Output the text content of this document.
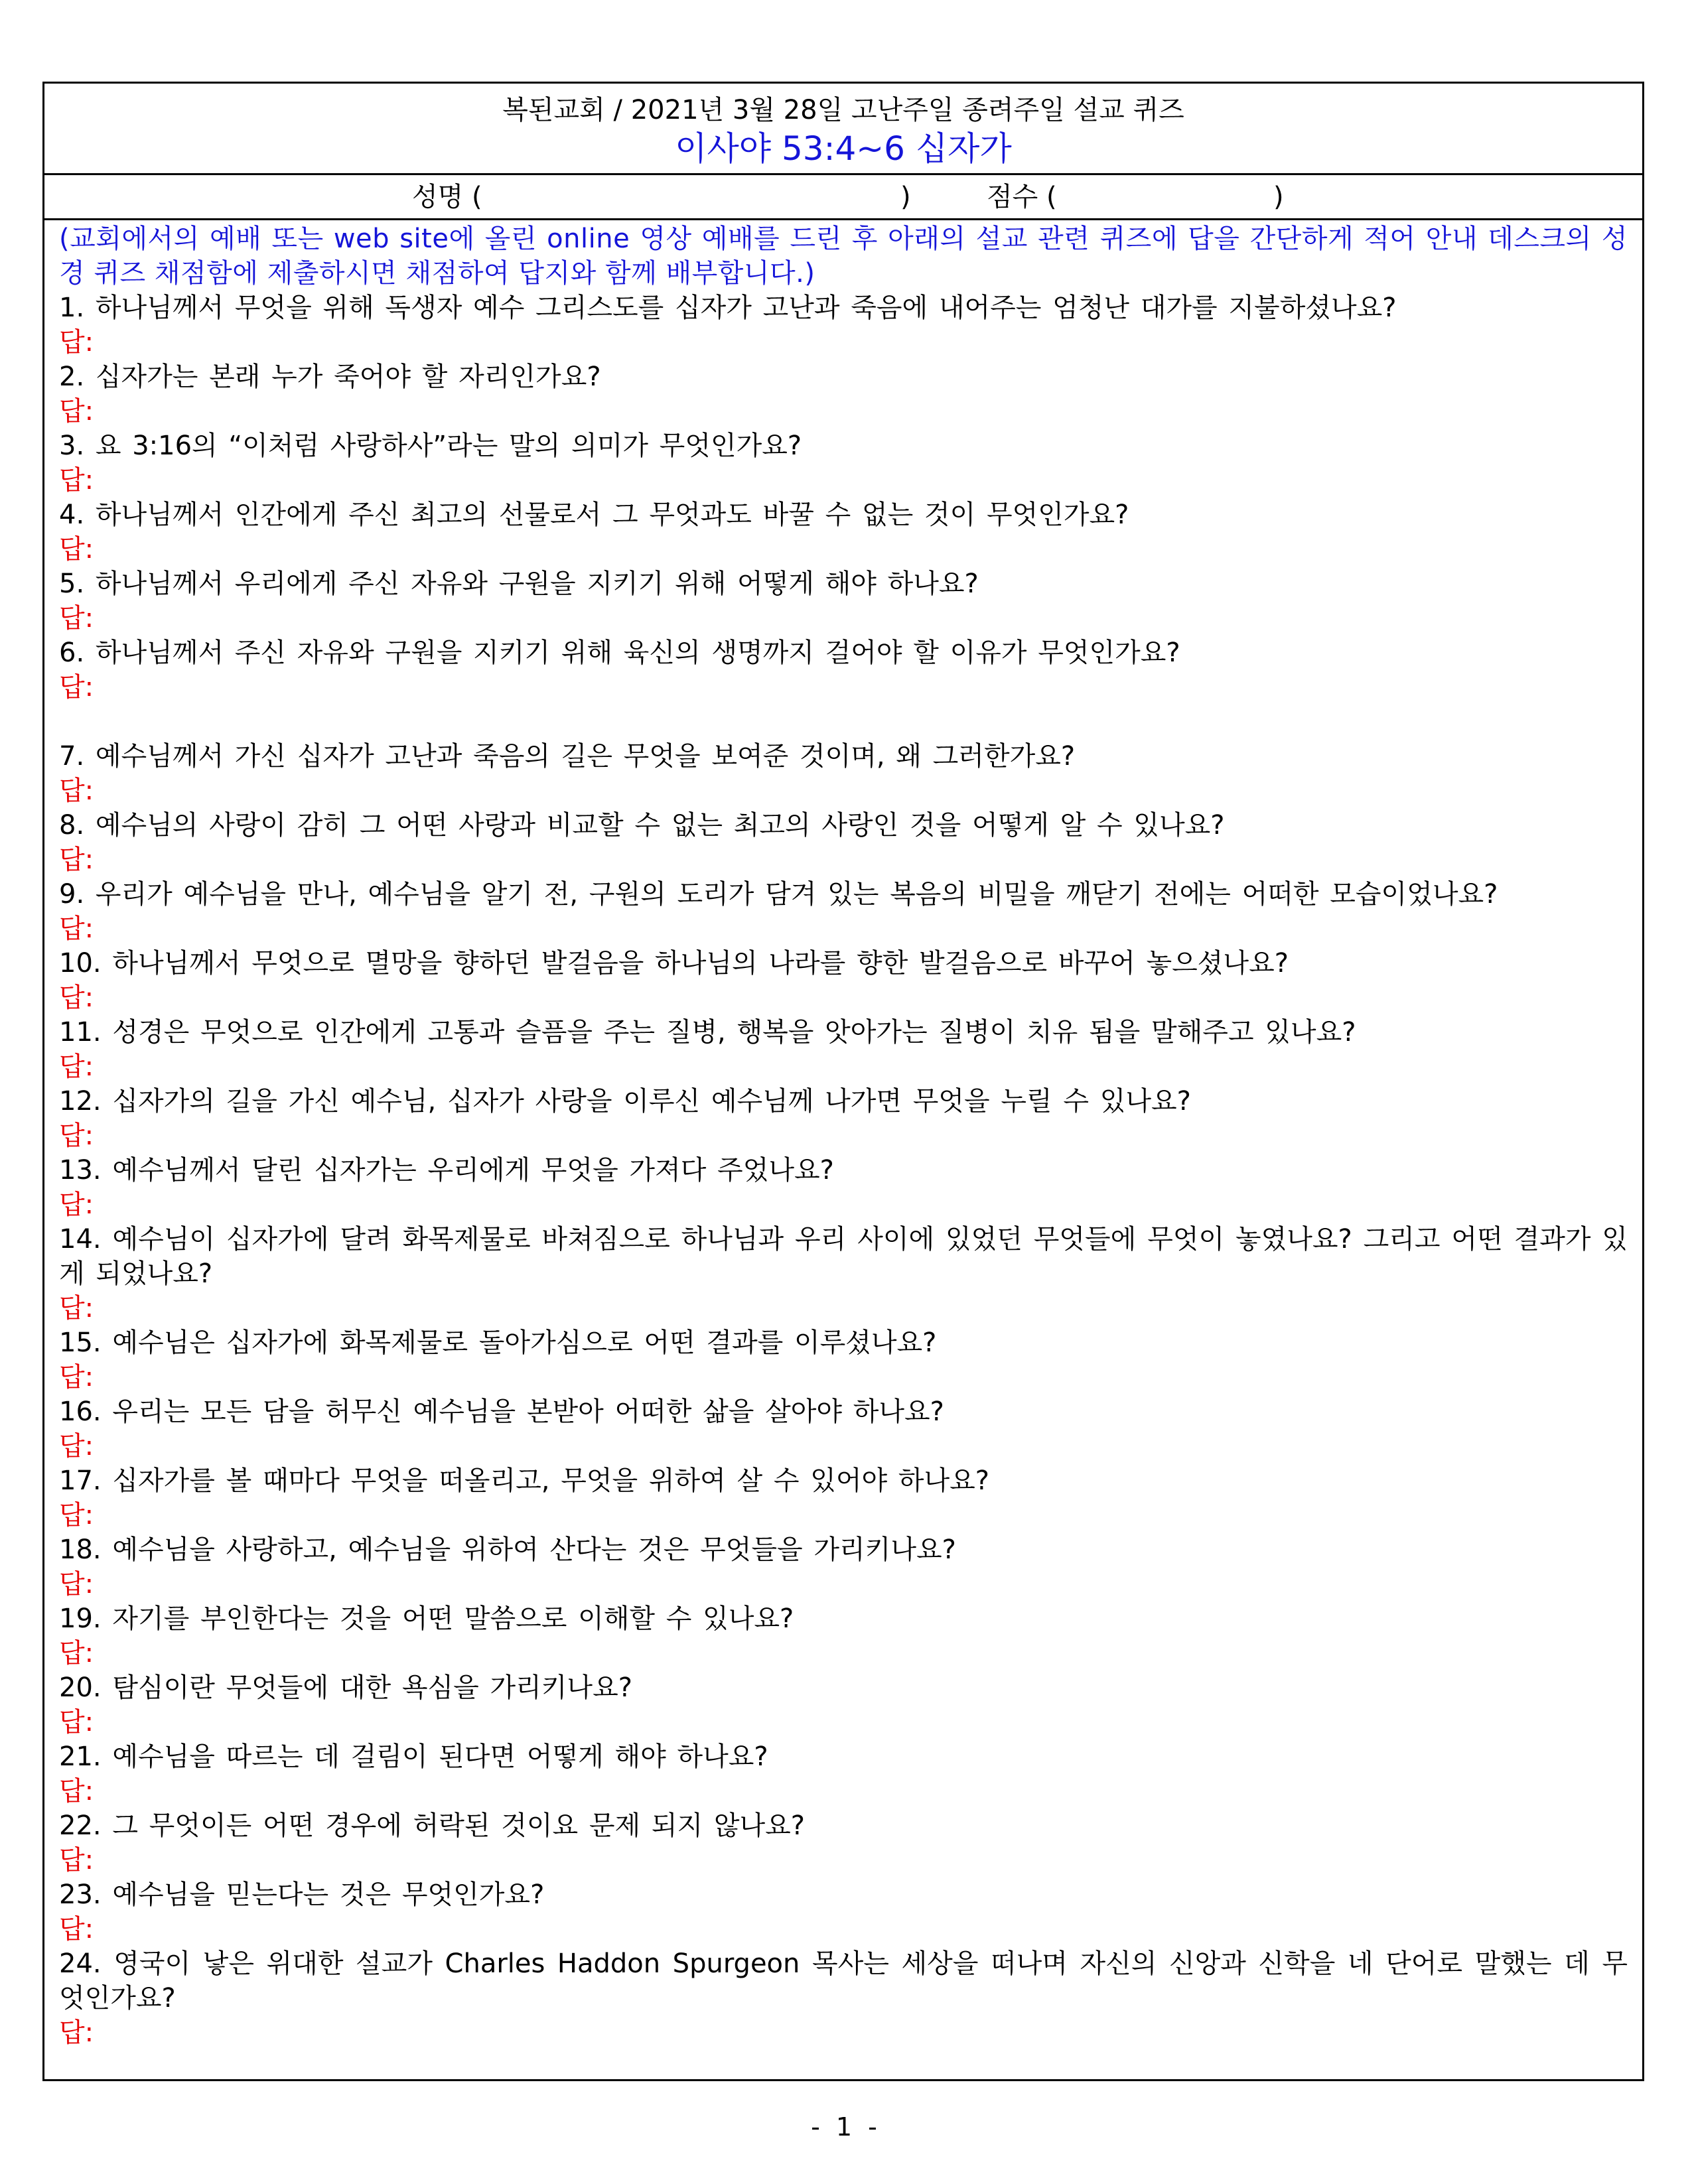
복된교회 / 2021년 3월 28일 고난주일 종려주일 설교 퀴즈
이사야 53:4~6 십자가
성명 (	)	점수 (	)
(교회에서의 예배 또는 web site에 올린 online 영상 예배를 드린 후 아래의 설교 관련 퀴즈에 답을 간단하게 적어 안내 데스크의 성경 퀴즈 채점함에 제출하시면 채점하여 답지와 함께 배부합니다.)
1. 하나님께서 무엇을 위해 독생자 예수 그리스도를 십자가 고난과 죽음에 내어주는 엄청난 대가를 지불하셨나요?
답:
2. 십자가는 본래 누가 죽어야 할 자리인가요?
답:
3. 요 3:16의 “이처럼 사랑하사”라는 말의 의미가 무엇인가요?
답:
4. 하나님께서 인간에게 주신 최고의 선물로서 그 무엇과도 바꿀 수 없는 것이 무엇인가요?
답:
5. 하나님께서 우리에게 주신 자유와 구원을 지키기 위해 어떻게 해야 하나요?
답:
6. 하나님께서 주신 자유와 구원을 지키기 위해 육신의 생명까지 걸어야 할 이유가 무엇인가요?
답:
7. 예수님께서 가신 십자가 고난과 죽음의 길은 무엇을 보여준 것이며, 왜 그러한가요?
답:
8. 예수님의 사랑이 감히 그 어떤 사랑과 비교할 수 없는 최고의 사랑인 것을 어떻게 알 수 있나요?
답:
9. 우리가 예수님을 만나, 예수님을 알기 전, 구원의 도리가 담겨 있는 복음의 비밀을 깨닫기 전에는 어떠한 모습이었나요?
답:
10. 하나님께서 무엇으로 멸망을 향하던 발걸음을 하나님의 나라를 향한 발걸음으로 바꾸어 놓으셨나요?
답:
11. 성경은 무엇으로 인간에게 고통과 슬픔을 주는 질병, 행복을 앗아가는 질병이 치유 됨을 말해주고 있나요?
답:
12. 십자가의 길을 가신 예수님, 십자가 사랑을 이루신 예수님께 나가면 무엇을 누릴 수 있나요?
답:
13. 예수님께서 달린 십자가는 우리에게 무엇을 가져다 주었나요?
답:
14. 예수님이 십자가에 달려 화목제물로 바쳐짐으로 하나님과 우리 사이에 있었던 무엇들에 무엇이 놓였나요? 그리고 어떤 결과가 있게 되었나요?
답:
15. 예수님은 십자가에 화목제물로 돌아가심으로 어떤 결과를 이루셨나요?
답:
16. 우리는 모든 담을 허무신 예수님을 본받아 어떠한 삶을 살아야 하나요?
답:
17. 십자가를 볼 때마다 무엇을 떠올리고, 무엇을 위하여 살 수 있어야 하나요?
답:
18. 예수님을 사랑하고, 예수님을 위하여 산다는 것은 무엇들을 가리키나요?
답:
19. 자기를 부인한다는 것을 어떤 말씀으로 이해할 수 있나요?
답:
20. 탐심이란 무엇들에 대한 욕심을 가리키나요?
답:
21. 예수님을 따르는 데 걸림이 된다면 어떻게 해야 하나요?
답:
22. 그 무엇이든 어떤 경우에 허락된 것이요 문제 되지 않나요?
답:
23. 예수님을 믿는다는 것은 무엇인가요?
답:
24. 영국이 낳은 위대한 설교가 Charles Haddon Spurgeon 목사는 세상을 떠나며 자신의 신앙과 신학을 네 단어로 말했는 데 무엇인가요?
답:
- 1 -
